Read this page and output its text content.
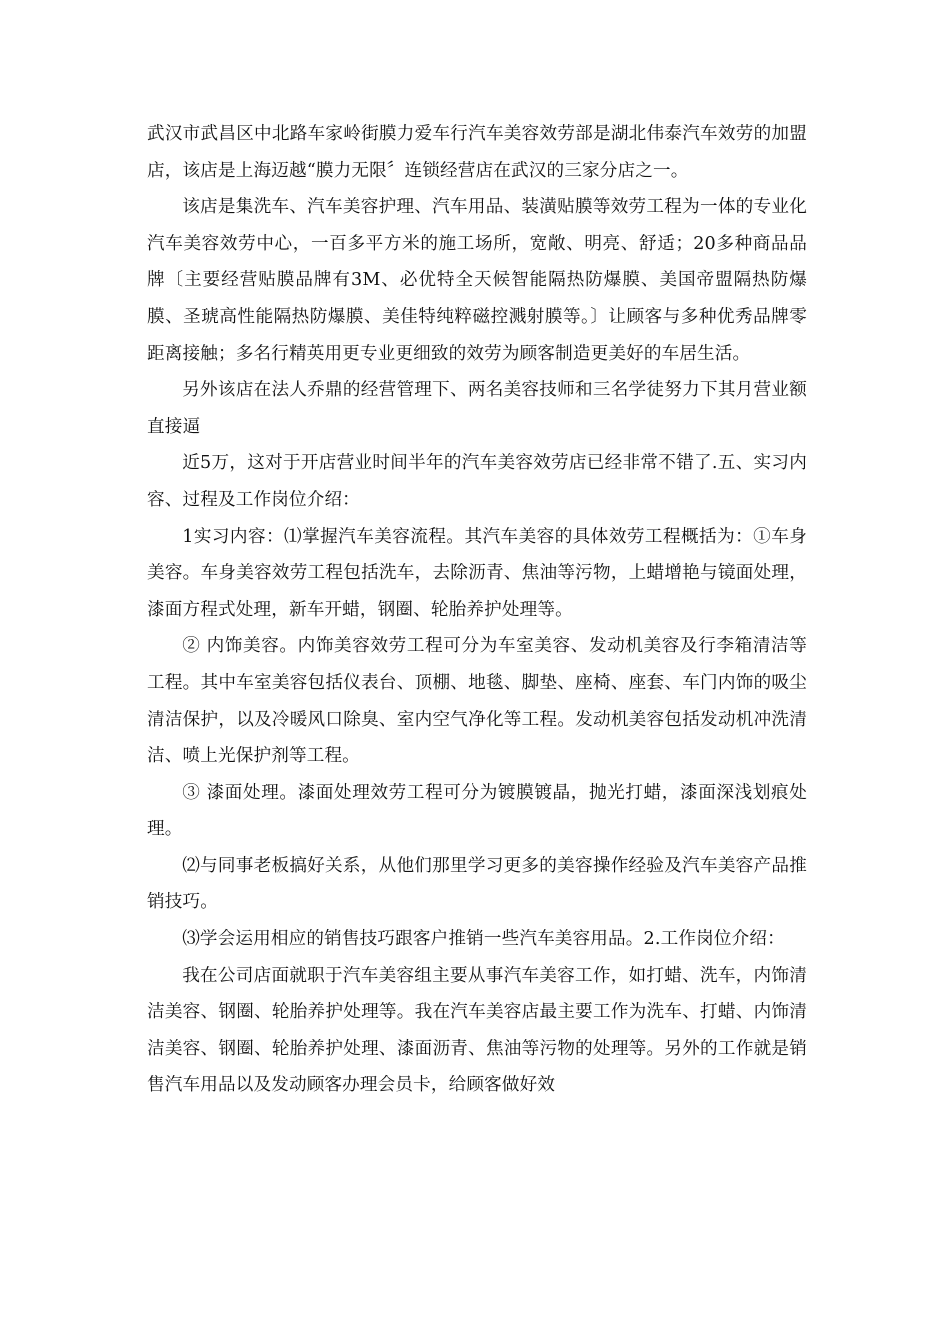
武汉市武昌区中北路车家岭街膜力爱车行汽车美容效劳部是湖北伟泰汽车效劳的加盟店，该店是上海迈越“膜力无限〞连锁经营店在武汉的三家分店之一。

该店是集洗车、汽车美容护理、汽车用品、装潢贴膜等效劳工程为一体的专业化汽车美容效劳中心，一百多平方米的施工场所，宽敞、明亮、舒适；20多种商品品牌〔主要经营贴膜品牌有3M、必优特全天候智能隔热防爆膜、美国帝盟隔热防爆膜、圣琥高性能隔热防爆膜、美佳特纯粹磁控溅射膜等。〕让顾客与多种优秀品牌零距离接触；多名行精英用更专业更细致的效劳为顾客制造更美好的车居生活。

另外该店在法人乔鼎的经营管理下、两名美容技师和三名学徒努力下其月营业额直接逼

近5万，这对于开店营业时间半年的汽车美容效劳店已经非常不错了.五、实习内容、过程及工作岗位介绍：

1实习内容：⑴掌握汽车美容流程。其汽车美容的具体效劳工程概括为：①车身美容。车身美容效劳工程包括洗车，去除沥青、焦油等污物，上蜡增艳与镜面处理，漆面方程式处理，新车开蜡，钢圈、轮胎养护处理等。

② 内饰美容。内饰美容效劳工程可分为车室美容、发动机美容及行李箱清洁等工程。其中车室美容包括仪表台、顶棚、地毯、脚垫、座椅、座套、车门内饰的吸尘清洁保护，以及冷暖风口除臭、室内空气净化等工程。发动机美容包括发动机冲洗清洁、喷上光保护剂等工程。

③ 漆面处理。漆面处理效劳工程可分为镀膜镀晶，抛光打蜡，漆面深浅划痕处理。

⑵与同事老板搞好关系，从他们那里学习更多的美容操作经验及汽车美容产品推销技巧。

⑶学会运用相应的销售技巧跟客户推销一些汽车美容用品。2.工作岗位介绍：

我在公司店面就职于汽车美容组主要从事汽车美容工作，如打蜡、洗车，内饰清洁美容、钢圈、轮胎养护处理等。我在汽车美容店最主要工作为洗车、打蜡、内饰清洁美容、钢圈、轮胎养护处理、漆面沥青、焦油等污物的处理等。另外的工作就是销售汽车用品以及发动顾客办理会员卡，给顾客做好效
